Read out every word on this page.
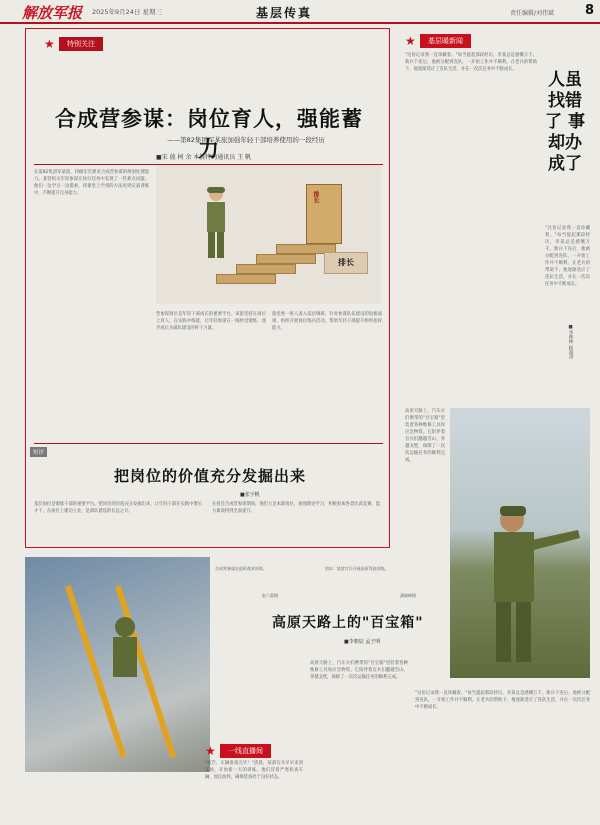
解放军报 2025年9月24日 星期三	基层传真	责任编辑/刘伟斌 8
★	特别关注
排长
排长
合成营参谋：岗位育人，强能蓄力
——第82集团军某旅加强年轻干部培养使用的一段经历
■宋 彼 柯 余 本报特约通讯员 王 帆
在第82集团军某旅，四级军官要求合成营参谋的规划处理能力。某营机关年轻参谋在执行任务中发现了一些难点问题，他们一边学习一边摸索，将课堂上学到的方法用到实战训练中，不断提升自身能力。
营参谋岗位是年轻干部成长的重要平台。该旅坚持在岗位上育人，在实践中练能，让年轻参谋在一线经受锻炼，逐步成长为部队建设的骨干力量。
旅党委一班人深入基层调研，针对参谋队伍建设的短板弱项，组织开展岗位练兵活动，帮助年轻干部提升组织指挥能力。
短评
把岗位的价值充分发掘出来
■张宇帆
基层岗位是锻炼干部的重要平台。把岗位的价值充分发掘出来，让年轻干部在实践中增长才干、在岗位上建功立业，是部队建设的长远之计。
在担任合成营参谋期间，他们立足本职岗位，加强理论学习，积极参加各类比武竞赛，能力素质得到全面提升。
★	基层暖新闻
"这份记录我一直珍藏着。"每当提起那段经历，李某总是感慨万千。新兵下连后，他被分配到连队，一开始工作并不顺利。在老兵的帮助下，他逐渐适应了连队生活，并在一次次任务中不断成长。
人虽找错了 事却办成了
■李林林 顾超哥
"这份记录我一直珍藏着。"每当提起那段经历，李某总是感慨万千。新兵下连后，他被分配到连队，一开始工作并不顺利。在老兵的帮助下，他逐渐适应了连队生活，并在一次次任务中不断成长。
高原天路上，汽车兵们携带的"百宝箱"里装着各种维修工具和应急物资。它陪伴着官兵们翻越雪山、穿越戈壁，保障了一次次运输任务的顺利完成。
合成营参谋在组织战术训练。
赵六蒙摄
图②：某营官兵开展高原驾驶训练。
潘晓峰摄
高原天路上的"百宝箱"
■李朝辰 孟子明
★	一线直播间
"报告，车辆准备完毕！"清晨，某部官兵早早来到车场，开始新一天的训练。他们冒着严寒检查车辆、加注油料，确保装备处于良好状态。
高原天路上，汽车兵们携带的"百宝箱"里装着各种维修工具和应急物资。它陪伴着官兵们翻越雪山、穿越戈壁，保障了一次次运输任务的顺利完成。
"这份记录我一直珍藏着。"每当提起那段经历，李某总是感慨万千。新兵下连后，他被分配到连队，一开始工作并不顺利。在老兵的帮助下，他逐渐适应了连队生活，并在一次次任务中不断成长。
